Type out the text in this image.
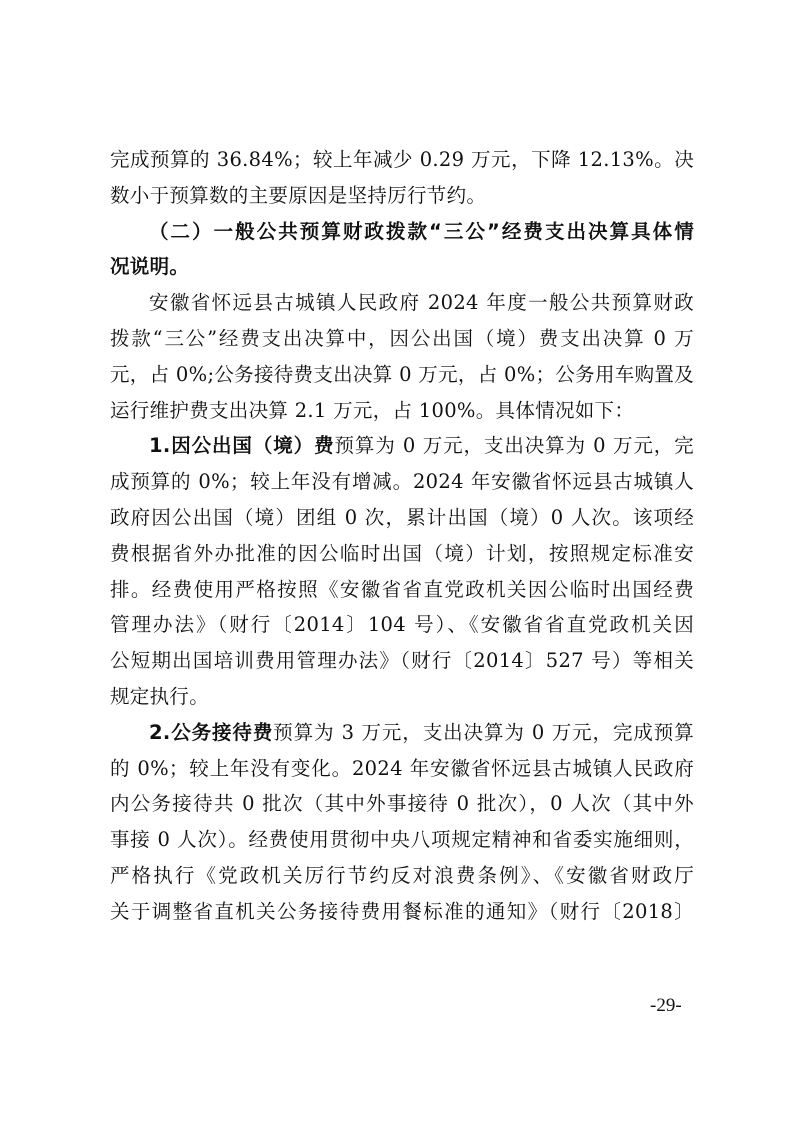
完成预算的 36.84%；较上年减少 0.29 万元，下降 12.13%。决
数小于预算数的主要原因是坚持厉行节约。
（二）一般公共预算财政拨款“三公”经费支出决算具体情
况说明。
安徽省怀远县古城镇人民政府 2024 年度一般公共预算财政
拨款“三公”经费支出决算中，因公出国（境）费支出决算 0 万
元，占 0%;公务接待费支出决算 0 万元，占 0%；公务用车购置及
运行维护费支出决算 2.1 万元，占 100%。具体情况如下：
1.因公出国（境）费预算为 0 万元，支出决算为 0 万元，完
成预算的 0%；较上年没有增减。2024 年安徽省怀远县古城镇人
政府因公出国（境）团组 0 次，累计出国（境）0 人次。该项经
费根据省外办批准的因公临时出国（境）计划，按照规定标准安
排。经费使用严格按照《安徽省省直党政机关因公临时出国经费
管理办法》（财行〔2014〕104 号）、《安徽省省直党政机关因
公短期出国培训费用管理办法》（财行〔2014〕527 号）等相关
规定执行。
2.公务接待费预算为 3 万元，支出决算为 0 万元，完成预算
的 0%；较上年没有变化。2024 年安徽省怀远县古城镇人民政府
内公务接待共 0 批次（其中外事接待 0 批次），0 人次（其中外
事接 0 人次）。经费使用贯彻中央八项规定精神和省委实施细则，
严格执行《党政机关厉行节约反对浪费条例》、《安徽省财政厅
关于调整省直机关公务接待费用餐标准的通知》（财行〔2018〕
-29-
